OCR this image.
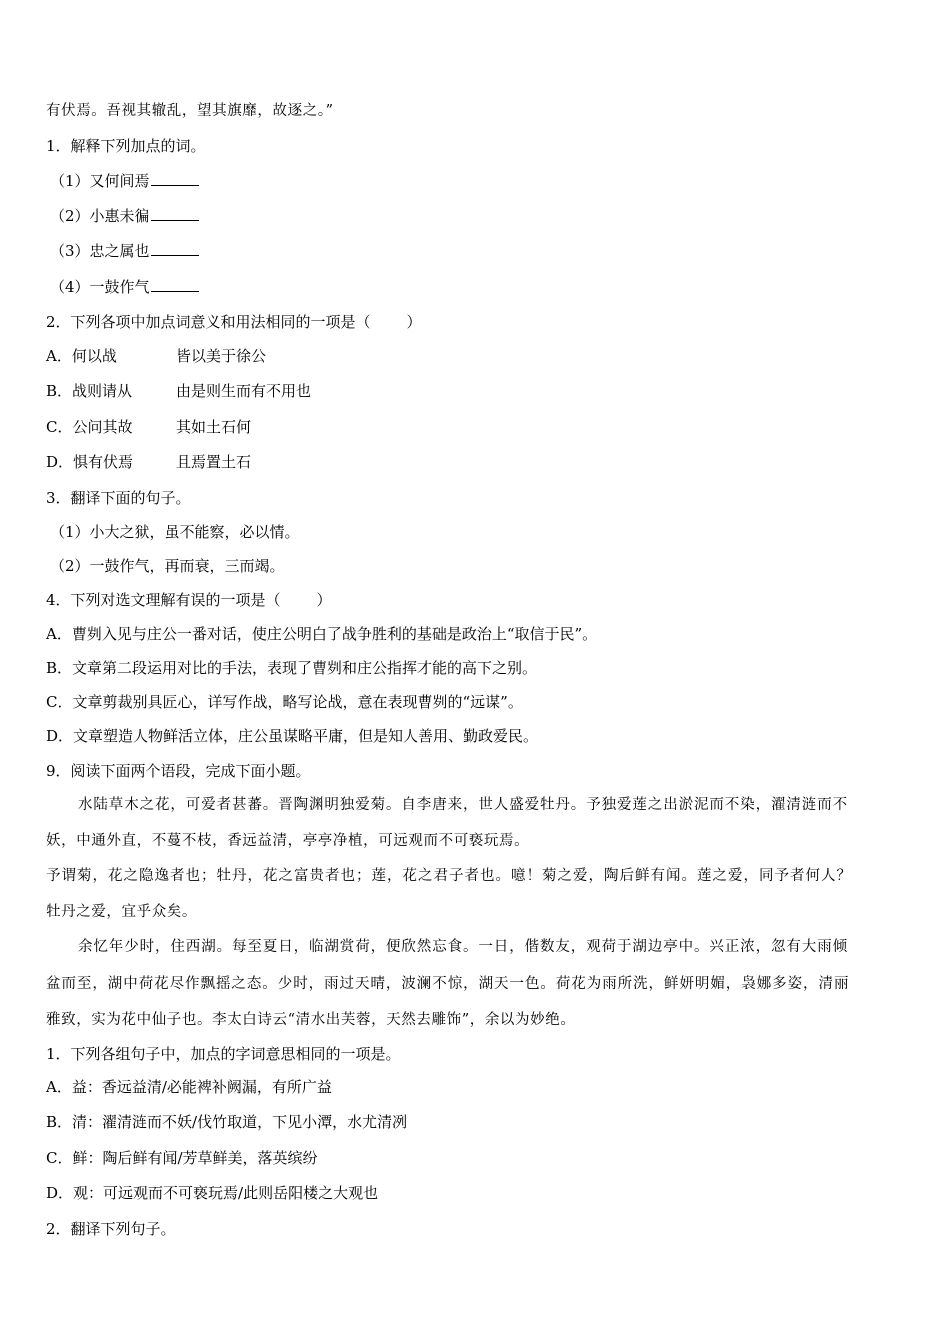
有伏焉。吾视其辙乱，望其旗靡，故逐之。”
1．解释下列加点的词。
（1）又何间焉
（2）小惠未徧
（3）忠之属也
（4）一鼓作气
2．下列各项中加点词意义和用法相同的一项是（ ）
A．何以战	皆以美于徐公
B．战则请从	由是则生而有不用也
C．公问其故	其如土石何
D．惧有伏焉	且焉置土石
3．翻译下面的句子。
（1）小大之狱，虽不能察，必以情。
（2）一鼓作气，再而衰，三而竭。
4．下列对选文理解有误的一项是（ ）
A．曹刿入见与庄公一番对话，使庄公明白了战争胜利的基础是政治上“取信于民”。
B．文章第二段运用对比的手法，表现了曹刿和庄公指挥才能的高下之别。
C．文章剪裁别具匠心，详写作战，略写论战，意在表现曹刿的“远谋”。
D．文章塑造人物鲜活立体，庄公虽谋略平庸，但是知人善用、勤政爱民。
9．阅读下面两个语段，完成下面小题。
水陆草木之花，可爱者甚蕃。晋陶渊明独爱菊。自李唐来，世人盛爱牡丹。予独爱莲之出淤泥而不染，濯清涟而不
妖，中通外直，不蔓不枝，香远益清，亭亭净植，可远观而不可亵玩焉。
予谓菊，花之隐逸者也；牡丹，花之富贵者也；莲，花之君子者也。噫！菊之爱，陶后鲜有闻。莲之爱，同予者何人？
牡丹之爱，宜乎众矣。
余忆年少时，住西湖。每至夏日，临湖赏荷，便欣然忘食。一日，偕数友，观荷于湖边亭中。兴正浓，忽有大雨倾
盆而至，湖中荷花尽作飘摇之态。少时，雨过天晴，波澜不惊，湖天一色。荷花为雨所洗，鲜妍明媚，袅娜多姿，清丽
雅致，实为花中仙子也。李太白诗云“清水出芙蓉，天然去雕饰”，余以为妙绝。
1．下列各组句子中，加点的字词意思相同的一项是。
A．益：香远益清/必能裨补阙漏，有所广益
B．清：濯清涟而不妖/伐竹取道，下见小潭，水尤清冽
C．鲜：陶后鲜有闻/芳草鲜美，落英缤纷
D．观：可远观而不可亵玩焉/此则岳阳楼之大观也
2．翻译下列句子。
